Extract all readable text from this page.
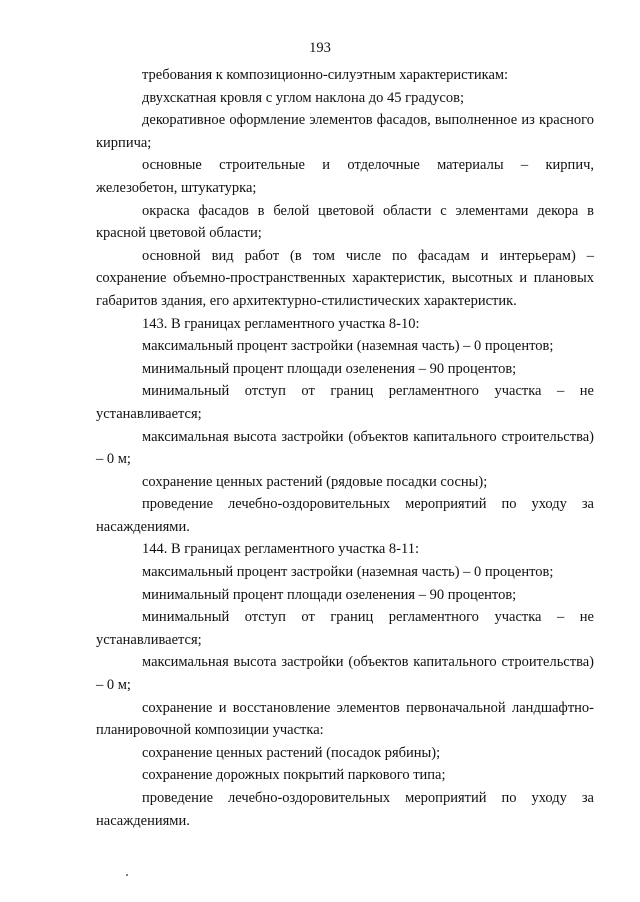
193

требования к композиционно-силуэтным характеристикам:

двухскатная кровля с углом наклона до 45 градусов;

декоративное оформление элементов фасадов, выполненное из красного кирпича;

основные строительные и отделочные материалы – кирпич, железобетон, штукатурка;

окраска фасадов в белой цветовой области с элементами декора в красной цветовой области;

основной вид работ (в том числе по фасадам и интерьерам) – сохранение объемно-пространственных характеристик, высотных и плановых габаритов здания, его архитектурно-стилистических характеристик.

143. В границах регламентного участка 8-10:

максимальный процент застройки (наземная часть) – 0 процентов;

минимальный процент площади озеленения – 90 процентов;

минимальный отступ от границ регламентного участка – не устанавливается;

максимальная высота застройки (объектов капитального строительства) – 0 м;

сохранение ценных растений (рядовые посадки сосны);

проведение лечебно-оздоровительных мероприятий по уходу за насаждениями.

144. В границах регламентного участка 8-11:

максимальный процент застройки (наземная часть) – 0 процентов;

минимальный процент площади озеленения – 90 процентов;

минимальный отступ от границ регламентного участка – не устанавливается;

максимальная высота застройки (объектов капитального строительства) – 0 м;

сохранение и восстановление элементов первоначальной ландшафтно-планировочной композиции участка:

сохранение ценных растений (посадок рябины);

сохранение дорожных покрытий паркового типа;

проведение лечебно-оздоровительных мероприятий по уходу за насаждениями.
